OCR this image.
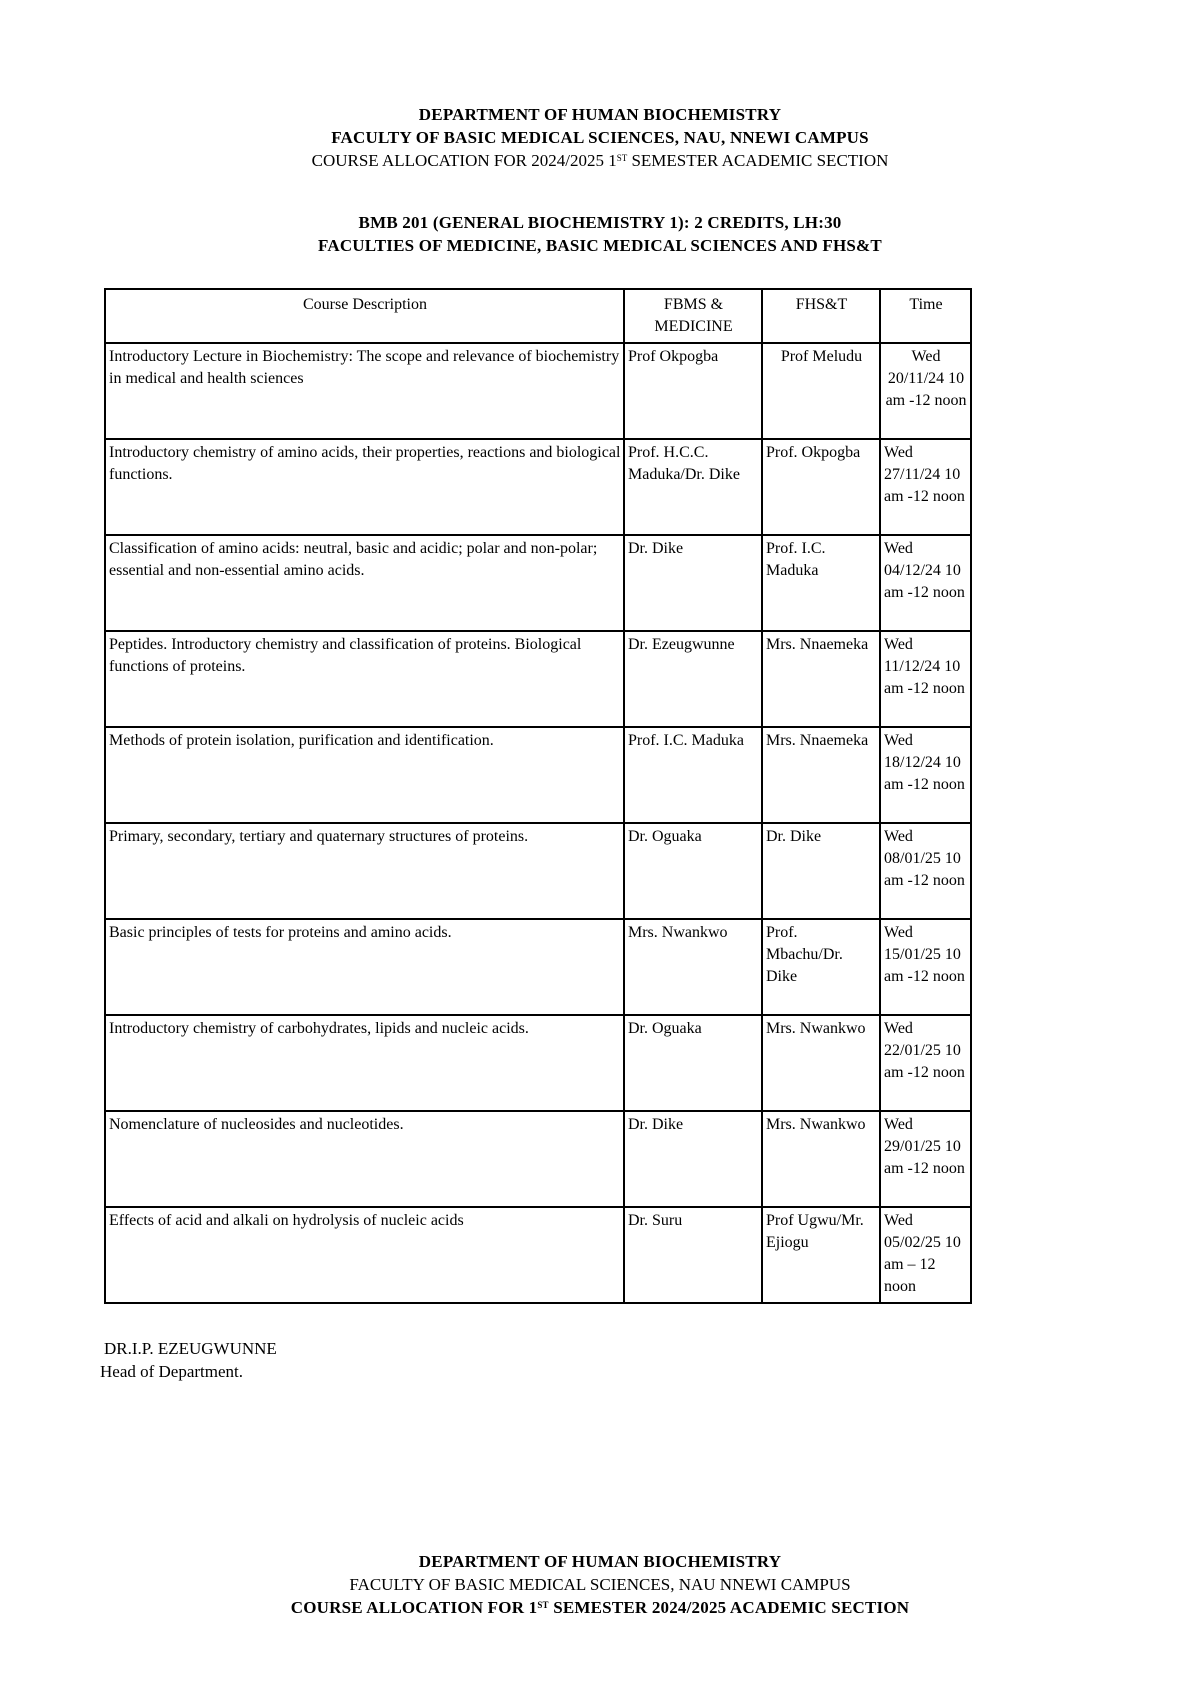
DEPARTMENT OF HUMAN BIOCHEMISTRY
FACULTY OF BASIC MEDICAL SCIENCES, NAU, NNEWI CAMPUS
COURSE ALLOCATION FOR 2024/2025 1ST SEMESTER ACADEMIC SECTION
BMB 201 (GENERAL BIOCHEMISTRY 1): 2 CREDITS, LH:30
FACULTIES OF MEDICINE, BASIC MEDICAL SCIENCES AND FHS&T
Course Description	FBMS & MEDICINE	FHS&T	Time
Introductory Lecture in Biochemistry: The scope and relevance of biochemistry in medical and health sciences	Prof Okpogba	Prof Meludu	Wed 20/11/24 10 am -12 noon
Introductory chemistry of amino acids, their properties, reactions and biological functions.	Prof. H.C.C. Maduka/Dr. Dike	Prof. Okpogba	Wed 27/11/24 10 am -12 noon
Classification of amino acids: neutral, basic and acidic; polar and non-polar; essential and non-essential amino acids.	Dr. Dike	Prof. I.C. Maduka	Wed 04/12/24 10 am -12 noon
Peptides. Introductory chemistry and classification of proteins. Biological functions of proteins.	Dr. Ezeugwunne	Mrs. Nnaemeka	Wed 11/12/24 10 am -12 noon
Methods of protein isolation, purification and identification.	Prof. I.C. Maduka	Mrs. Nnaemeka	Wed 18/12/24 10 am -12 noon
Primary, secondary, tertiary and quaternary structures of proteins.	Dr. Oguaka	Dr. Dike	Wed 08/01/25 10 am -12 noon
Basic principles of tests for proteins and amino acids.	Mrs. Nwankwo	Prof. Mbachu/Dr. Dike	Wed 15/01/25 10 am -12 noon
Introductory chemistry of carbohydrates, lipids and nucleic acids.	Dr. Oguaka	Mrs. Nwankwo	Wed 22/01/25 10 am -12 noon
Nomenclature of nucleosides and nucleotides.	Dr. Dike	Mrs. Nwankwo	Wed 29/01/25 10 am -12 noon
Effects of acid and alkali on hydrolysis of nucleic acids	Dr. Suru	Prof Ugwu/Mr. Ejiogu	Wed 05/02/25 10 am – 12 noon
DR.I.P. EZEUGWUNNE
Head of Department.
DEPARTMENT OF HUMAN BIOCHEMISTRY
FACULTY OF BASIC MEDICAL SCIENCES, NAU NNEWI CAMPUS
COURSE ALLOCATION FOR 1ST SEMESTER 2024/2025 ACADEMIC SECTION
